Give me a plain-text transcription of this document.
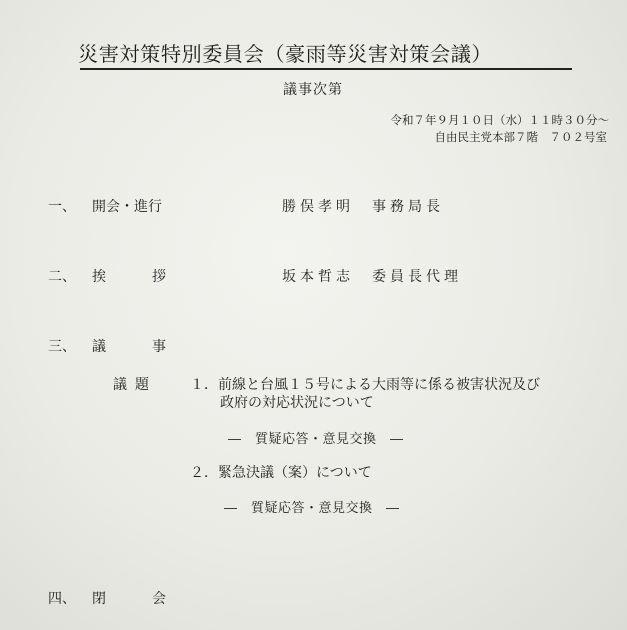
災害対策特別委員会（豪雨等災害対策会議）
議事次第
令和７年９月１０日（水）１１時３０分～
自由民主党本部７階　７０２号室
一、 開会・進行	勝俣孝明　事務局長
二、 挨　　拶	坂本哲志　委員長代理
三、 議　　事
議題 １．前線と台風１５号による大雨等に係る被害状況及び
政府の対応状況について
―　質疑応答・意見交換　―
２．緊急決議（案）について
―　質疑応答・意見交換　―
四、 閉　　会
